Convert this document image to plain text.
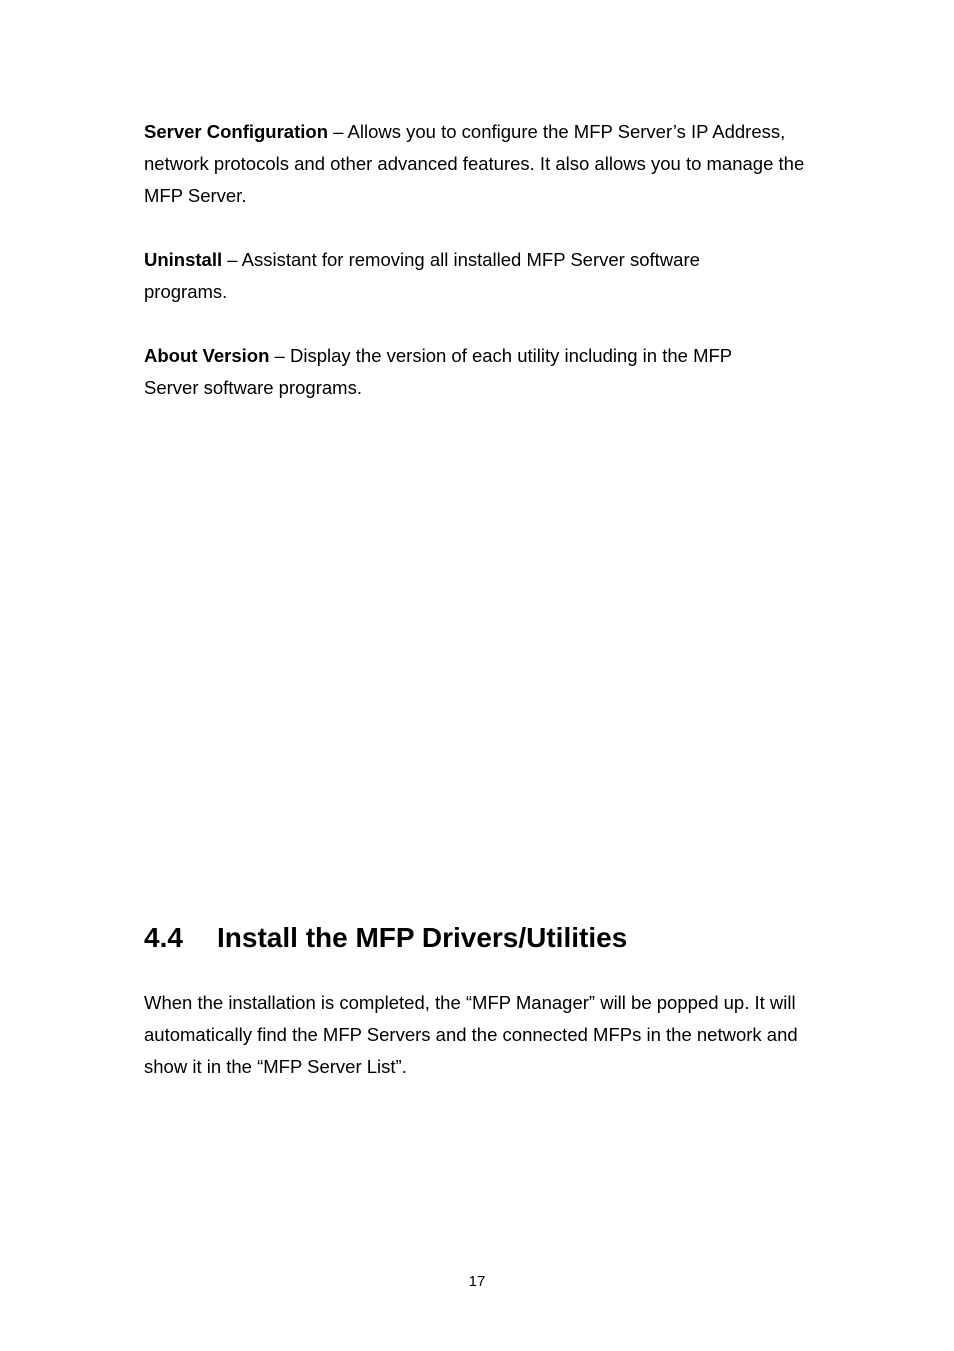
Server Configuration – Allows you to configure the MFP Server’s IP Address, network protocols and other advanced features. It also allows you to manage the MFP Server.

Uninstall – Assistant for removing all installed MFP Server software programs.

About Version – Display the version of each utility including in the MFP Server software programs.

4.4 Install the MFP Drivers/Utilities

When the installation is completed, the “MFP Manager” will be popped up. It will automatically find the MFP Servers and the connected MFPs in the network and show it in the “MFP Server List”.

17
